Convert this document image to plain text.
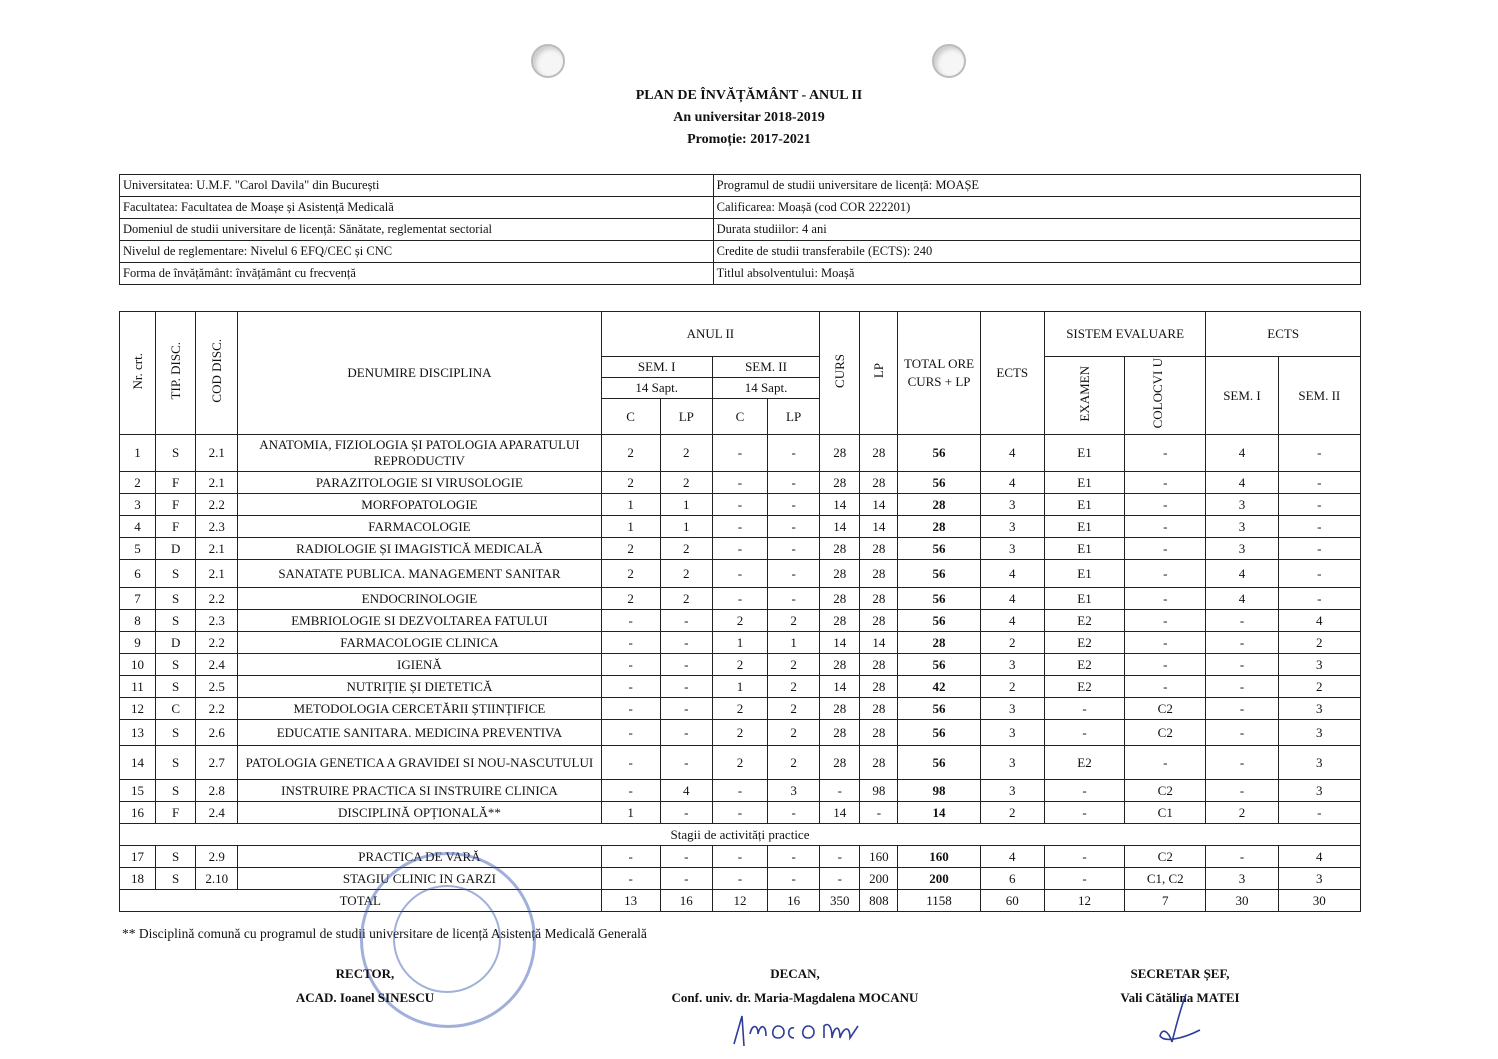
PLAN DE ÎNVĂȚĂMÂNT - ANUL II
An universitar 2018-2019
Promoție: 2017-2021
Universitatea: U.M.F. "Carol Davila" din București	Programul de studii universitare de licență: MOAȘE
Facultatea: Facultatea de Moașe și Asistență Medicală	Calificarea: Moașă (cod COR 222201)
Domeniul de studii universitare de licență: Sănătate, reglementat sectorial	Durata studiilor: 4 ani
Nivelul de reglementare: Nivelul 6 EFQ/CEC și CNC	Credite de studii transferabile (ECTS): 240
Forma de învățământ: învățământ cu frecvență	Titlul absolventului: Moașă
Nr. crt.	TIP. DISC.	COD DISC.	DENUMIRE DISCIPLINA	ANUL II				CURS	LP	TOTAL ORE CURS + LP	ECTS	SISTEM EVALUARE		ECTS	
				SEM. I		SEM. II						EXAMEN	COLOCVI U	SEM. I	SEM. II
				14 Sapt.		14 Sapt.									
				C	LP	C	LP								
1	S	2.1	ANATOMIA, FIZIOLOGIA ȘI PATOLOGIA APARATULUI REPRODUCTIV	2	2	-	-	28	28	56	4	E1	-	4	-
2	F	2.1	PARAZITOLOGIE SI VIRUSOLOGIE	2	2	-	-	28	28	56	4	E1	-	4	-
3	F	2.2	MORFOPATOLOGIE	1	1	-	-	14	14	28	3	E1	-	3	-
4	F	2.3	FARMACOLOGIE	1	1	-	-	14	14	28	3	E1	-	3	-
5	D	2.1	RADIOLOGIE ȘI IMAGISTICĂ MEDICALĂ	2	2	-	-	28	28	56	3	E1	-	3	-
6	S	2.1	SANATATE PUBLICA. MANAGEMENT SANITAR	2	2	-	-	28	28	56	4	E1	-	4	-
7	S	2.2	ENDOCRINOLOGIE	2	2	-	-	28	28	56	4	E1	-	4	-
8	S	2.3	EMBRIOLOGIE SI DEZVOLTAREA FATULUI	-	-	2	2	28	28	56	4	E2	-	-	4
9	D	2.2	FARMACOLOGIE CLINICA	-	-	1	1	14	14	28	2	E2	-	-	2
10	S	2.4	IGIENĂ	-	-	2	2	28	28	56	3	E2	-	-	3
11	S	2.5	NUTRIȚIE ȘI DIETETICĂ	-	-	1	2	14	28	42	2	E2	-	-	2
12	C	2.2	METODOLOGIA CERCETĂRII ȘTIINȚIFICE	-	-	2	2	28	28	56	3	-	C2	-	3
13	S	2.6	EDUCATIE SANITARA. MEDICINA PREVENTIVA	-	-	2	2	28	28	56	3	-	C2	-	3
14	S	2.7	PATOLOGIA GENETICA A GRAVIDEI SI NOU-NASCUTULUI	-	-	2	2	28	28	56	3	E2	-	-	3
15	S	2.8	INSTRUIRE PRACTICA SI INSTRUIRE CLINICA	-	4	-	3	-	98	98	3	-	C2	-	3
16	F	2.4	DISCIPLINĂ OPȚIONALĂ**	1	-	-	-	14	-	14	2	-	C1	2	-
Stagii de activități practice															
17	S	2.9	PRACTICA DE VARĂ	-	-	-	-	-	160	160	4	-	C2	-	4
18	S	2.10	STAGIU CLINIC IN GARZI	-	-	-	-	-	200	200	6	-	C1, C2	3	3
TOTAL				13	16	12	16	350	808	1158	60	12	7	30	30
** Disciplină comună cu programul de studii universitare de licență Asistență Medicală Generală
RECTOR,
ACAD. Ioanel SINESCU
DECAN,
Conf. univ. dr. Maria-Magdalena MOCANU
SECRETAR ȘEF,
Vali Cătălina MATEI
